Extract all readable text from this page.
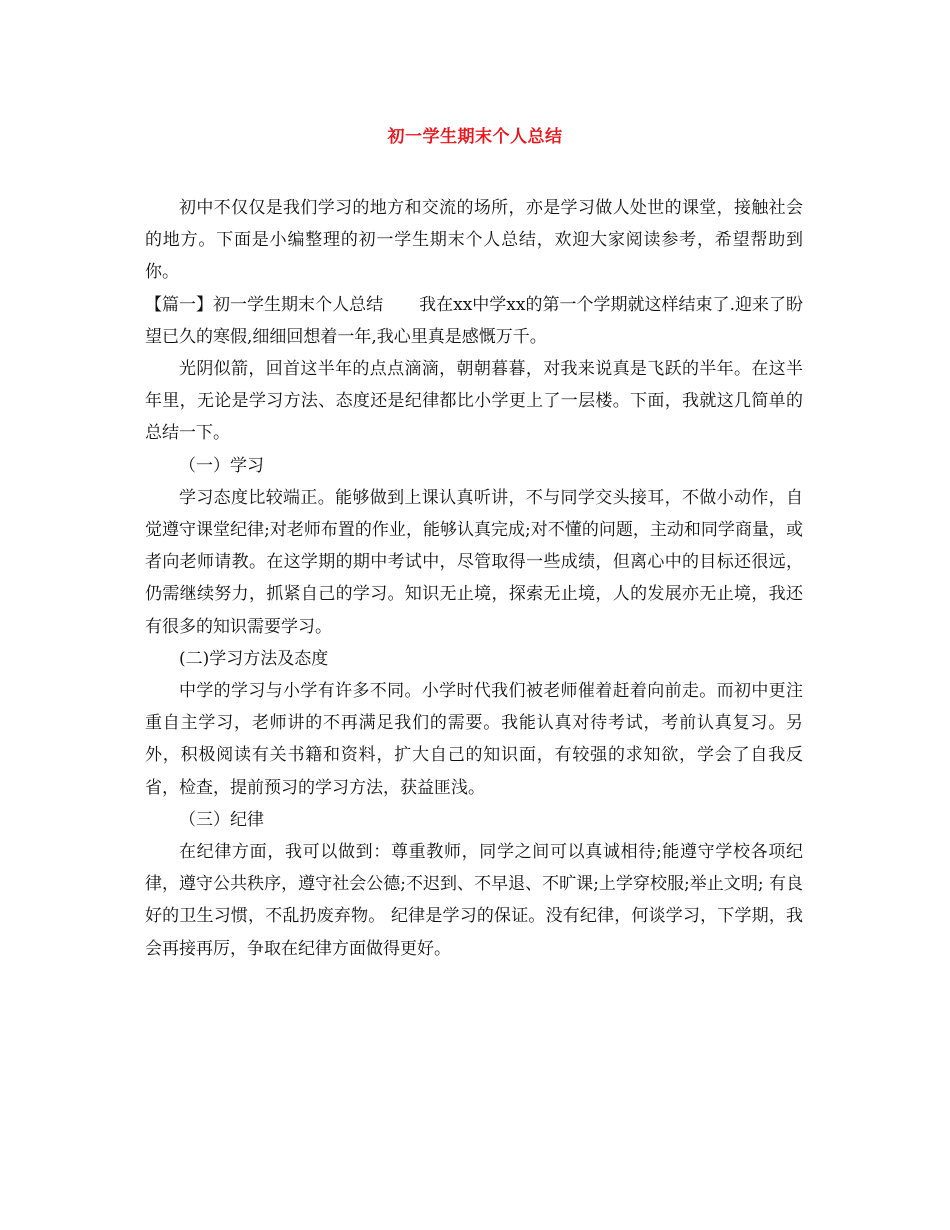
初一学生期末个人总结

初中不仅仅是我们学习的地方和交流的场所，亦是学习做人处世的课堂，接触社会的地方。下面是小编整理的初一学生期末个人总结，欢迎大家阅读参考，希望帮助到你。

【篇一】初一学生期末个人总结 我在xx中学xx的第一个学期就这样结束了.迎来了盼望已久的寒假,细细回想着一年,我心里真是感慨万千。

光阴似箭，回首这半年的点点滴滴，朝朝暮暮，对我来说真是飞跃的半年。在这半年里，无论是学习方法、态度还是纪律都比小学更上了一层楼。下面，我就这几简单的总结一下。

（一）学习

学习态度比较端正。能够做到上课认真听讲，不与同学交头接耳，不做小动作，自觉遵守课堂纪律;对老师布置的作业，能够认真完成;对不懂的问题，主动和同学商量，或者向老师请教。在这学期的期中考试中，尽管取得一些成绩，但离心中的目标还很远，仍需继续努力，抓紧自己的学习。知识无止境，探索无止境，人的发展亦无止境，我还有很多的知识需要学习。

(二)学习方法及态度

中学的学习与小学有许多不同。小学时代我们被老师催着赶着向前走。而初中更注重自主学习，老师讲的不再满足我们的需要。我能认真对待考试，考前认真复习。另外，积极阅读有关书籍和资料，扩大自己的知识面，有较强的求知欲，学会了自我反省，检查，提前预习的学习方法，获益匪浅。

（三）纪律

在纪律方面，我可以做到：尊重教师，同学之间可以真诚相待;能遵守学校各项纪律，遵守公共秩序，遵守社会公德;不迟到、不早退、不旷课;上学穿校服;举止文明; 有良好的卫生习惯，不乱扔废弃物。 纪律是学习的保证。没有纪律，何谈学习，下学期，我会再接再厉，争取在纪律方面做得更好。
